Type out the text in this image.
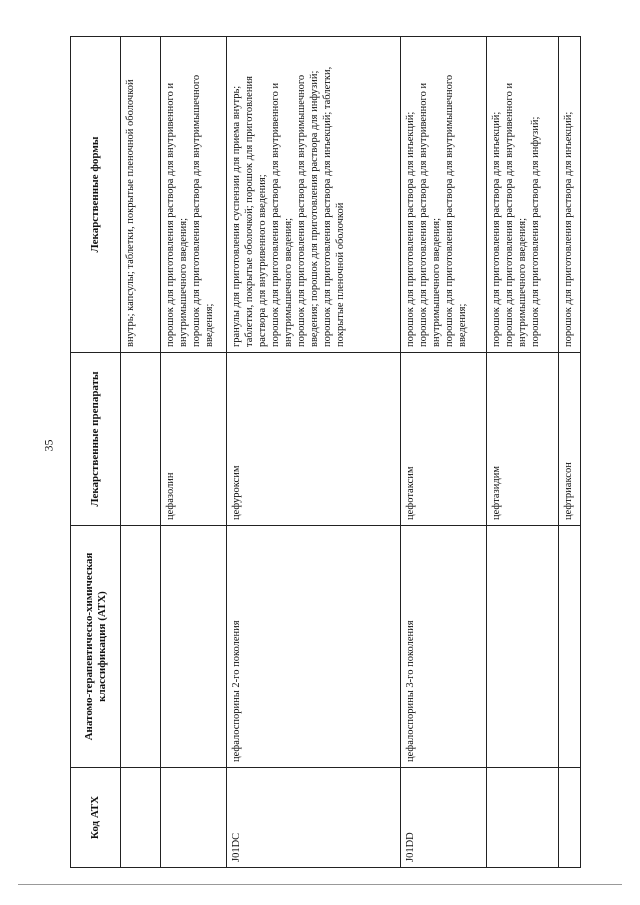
35
Код АТХ	Анатомо-терапевтическо-химическая классификация (АТХ)	Лекарственные препараты	Лекарственные формы

			внутрь; капсулы; таблетки, покрытые пленочной оболочкой

		цефазолин	порошок для приготовления раствора для внутривенного и внутримышечного введения; порошок для приготовления раствора для внутримышечного введения;

J01DC	цефалоспорины 2-го поколения	цефуроксим	гранулы для приготовления суспензии для приема внутрь; таблетки, покрытые оболочкой; порошок для приготовления раствора для внутривенного введения; порошок для приготовления раствора для внутривенного и внутримышечного введения; порошок для приготовления раствора для внутримышечного введения; порошок для приготовления раствора для инфузий; порошок для приготовления раствора для инъекций; таблетки, покрытые пленочной оболочкой

J01DD	цефалоспорины 3-го поколения	цефотаксим	порошок для приготовления раствора для инъекций; порошок для приготовления раствора для внутривенного и внутримышечного введения; порошок для приготовления раствора для внутримышечного введения;

		цефтазидим	порошок для приготовления раствора для инъекций; порошок для приготовления раствора для внутривенного и внутримышечного введения; порошок для приготовления раствора для инфузий;

		цефтриаксон	порошок для приготовления раствора для инъекций;
